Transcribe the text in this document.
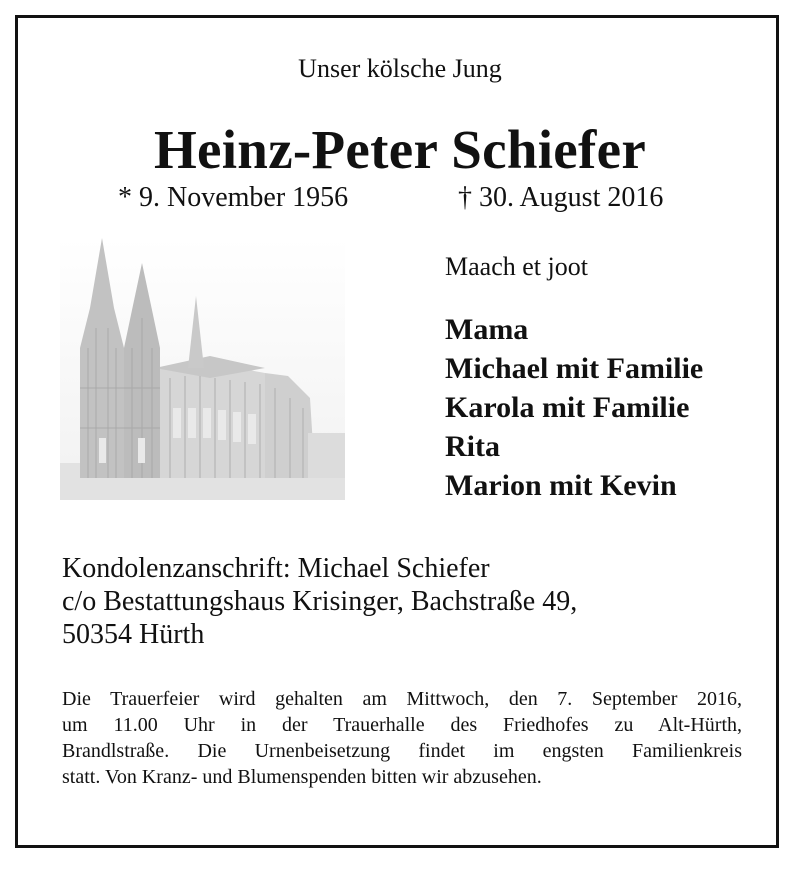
Unser kölsche Jung
Heinz-Peter Schiefer
* 9. November 1956	† 30. August 2016
Maach et joot
Mama
Michael mit Familie
Karola mit Familie
Rita
Marion mit Kevin
Kondolenzanschrift: Michael Schiefer
c/o Bestattungshaus Krisinger, Bachstraße 49,
50354 Hürth
Die Trauerfeier wird gehalten am Mittwoch, den 7. September 2016,
um 11.00 Uhr in der Trauerhalle des Friedhofes zu Alt-Hürth,
Brandlstraße. Die Urnenbeisetzung findet im engsten Familienkreis
statt. Von Kranz- und Blumenspenden bitten wir abzusehen.
